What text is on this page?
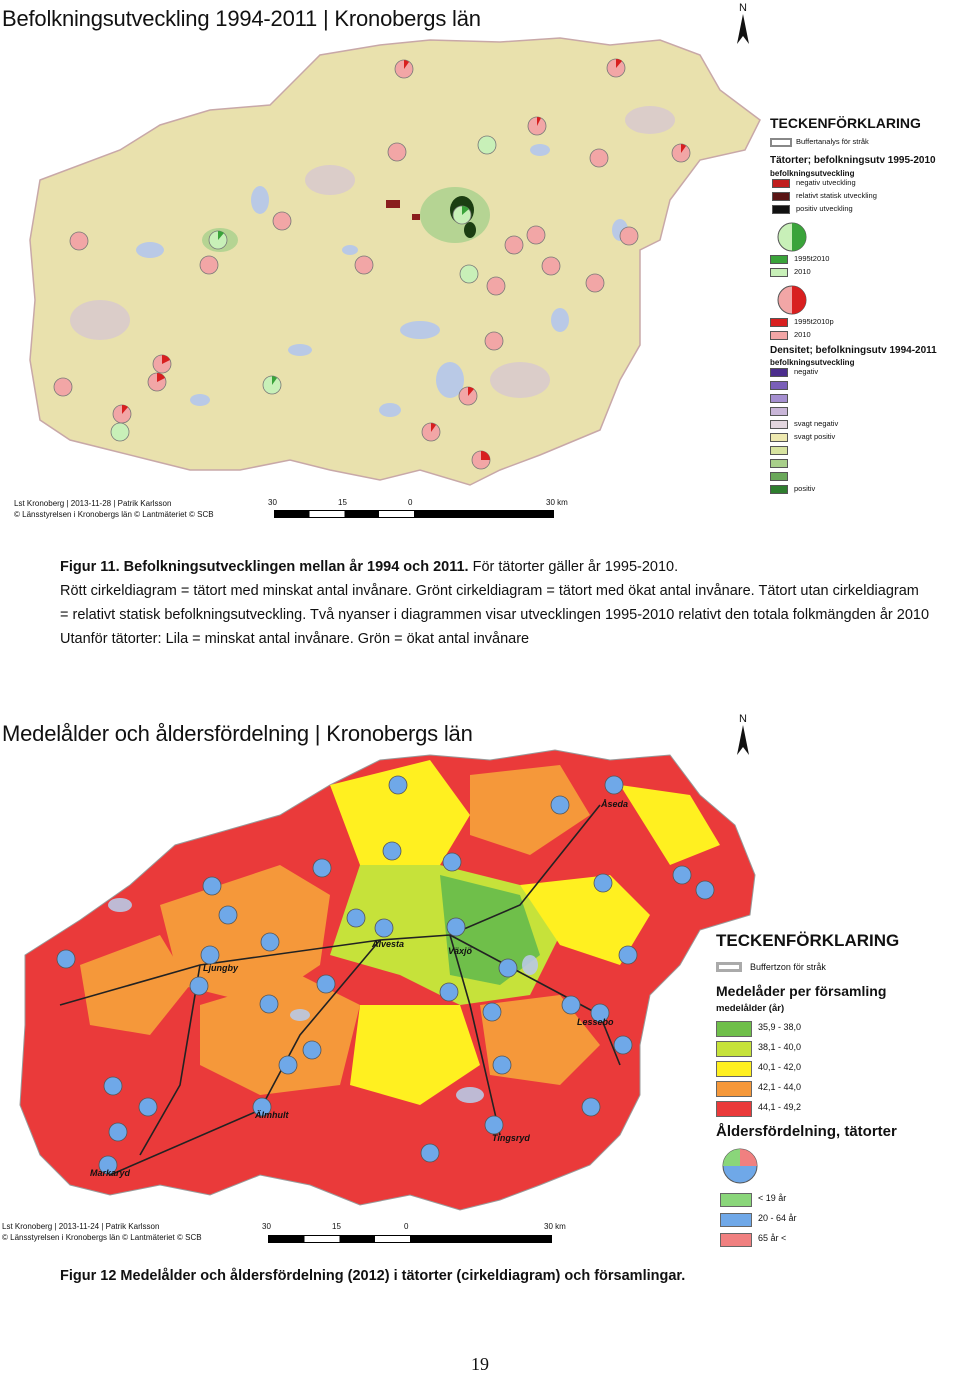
Befolkningsutveckling 1994-2011 | Kronobergs län	N
TECKENFÖRKLARING
Buffertanalys för stråk
Tätorter; befolkningsutv 1995-2010
befolkningsutveckling
negativ utveckling
relativt statisk utveckling
positiv utveckling
1995t2010
2010
1995t2010p
2010
Densitet; befolkningsutv 1994-2011
befolkningsutveckling
negativ
svagt negativ
svagt positiv
positiv
Lst Kronoberg | 2013-11-28 | Patrik Karlsson
© Länsstyrelsen i Kronobergs län © Lantmäteriet © SCB
30	15	0	30 km
Figur 11. Befolkningsutvecklingen mellan år 1994 och 2011. För tätorter gäller år 1995-2010.
Rött cirkeldiagram = tätort med minskat antal invånare. Grönt cirkeldiagram = tätort med ökat antal invånare. Tätort utan cirkeldiagram = relativt statisk befolkningsutveckling. Två nyanser i diagrammen visar utvecklingen 1995-2010 relativt den totala folkmängden år 2010
Utanför tätorter: Lila = minskat antal invånare. Grön = ökat antal invånare
Medelålder och åldersfördelning | Kronobergs län
N
Åseda
Alvesta
Växjö
Ljungby
Lessebo
Älmhult
Tingsryd
Markaryd
TECKENFÖRKLARING
Buffertzon för stråk
Medelåder per församling
medelålder (år)
35,9 - 38,0
38,1 - 40,0
40,1 - 42,0
42,1 - 44,0
44,1 - 49,2
Åldersfördelning, tätorter
< 19 år
20 - 64 år
65 år <
Lst Kronoberg | 2013-11-24 | Patrik Karlsson
© Länsstyrelsen i Kronobergs län © Lantmäteriet © SCB
30	15	0	30 km
Figur 12 Medelålder och åldersfördelning (2012) i tätorter (cirkeldiagram) och församlingar.
19
